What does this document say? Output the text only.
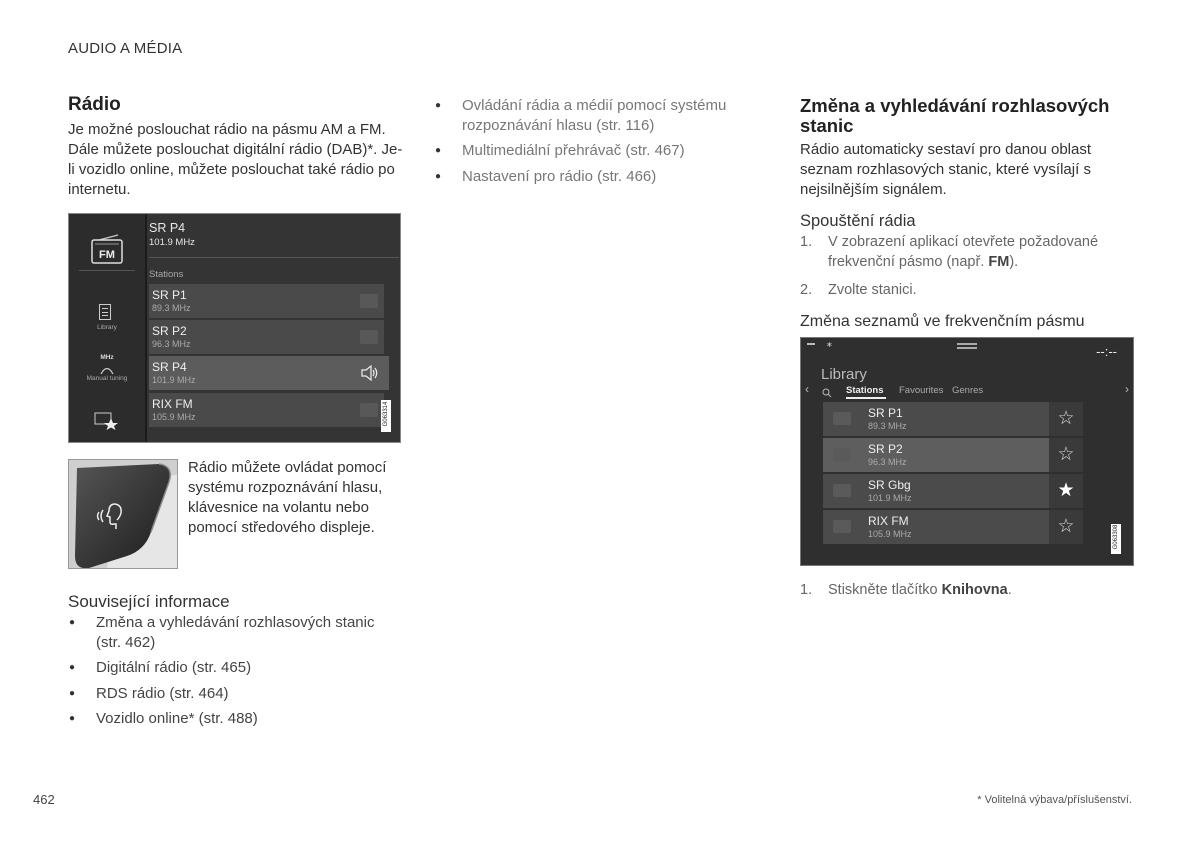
AUDIO A MÉDIA
Rádio

Je možné poslouchat rádio na pásmu AM a FM. Dále můžete poslouchat digitální rádio (DAB)*. Je-li vozidlo online, můžete poslouchat také rádio po internetu.

FM
Library
MHz
Manual tuning
SR P4
101.9 MHz
Stations
SR P1
89.3 MHz
SR P2
96.3 MHz
SR P4
101.9 MHz
RIX FM
105.9 MHz	G063314

Rádio můžete ovládat pomocí systému rozpoznávání hlasu, klávesnice na volantu nebo pomocí středového displeje.

Související informace
● Změna a vyhledávání rozhlasových stanic (str. 462)
● Digitální rádio (str. 465)
● RDS rádio (str. 464)
● Vozidlo online* (str. 488)
● Ovládání rádia a médií pomocí systému rozpoznávání hlasu (str. 116)
● Multimediální přehrávač (str. 467)
● Nastavení pro rádio (str. 466)
Změna a vyhledávání rozhlasových stanic

Rádio automaticky sestaví pro danou oblast seznam rozhlasových stanic, které vysílají s nejsilnějším signálem.

Spouštění rádia
1. V zobrazení aplikací otevřete požadované frekvenční pásmo (např. FM).
2. Zvolte stanici.
Změna seznamů ve frekvenčním pásmu
∗	--:--
Library
‹	›
Stations Favourites Genres
SR P1
89.3 MHz	☆
SR P2
96.3 MHz	☆
SR Gbg
101.9 MHz	★
RIX FM
105.9 MHz	☆	G063308
1. Stiskněte tlačítko Knihovna.
462	* Volitelná výbava/příslušenství.
